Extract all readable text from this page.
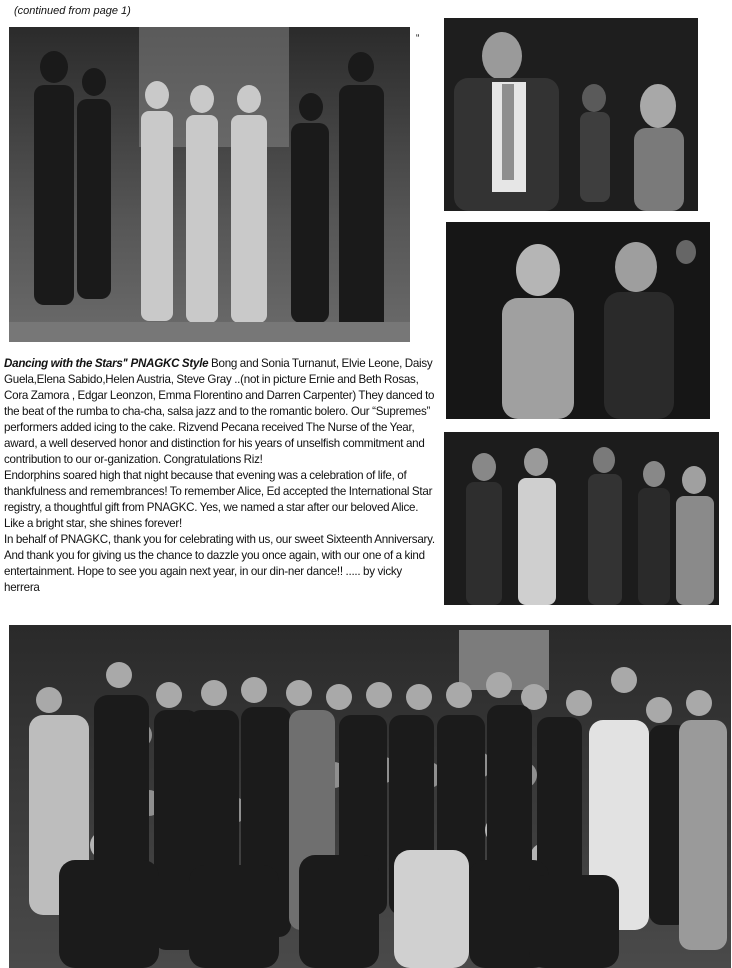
(continued from page 1)
“

Dancing with the Starsʺ PNAGKC Style Bong and Sonia Turnanut, Elvie Leone, Daisy Guela,Elena Sabido,Helen Austria, Steve Gray ..(not in picture Ernie and Beth Rosas, Cora Zamora , Edgar Leonzon, Emma Florentino and Darren Carpenter) They danced to the beat of the rumba to cha-cha, salsa jazz and to the romantic bolero. Our “Supremes” performers added icing to the cake. Rizvend Pecana received The Nurse of the Year, award, a well deserved honor and distinction for his years of unselfish commitment and contribution to our or-ganization. Congratulations Riz!

Endorphins soared high that night because that evening was a celebration of life, of thankfulness and remembrances! To remember Alice, Ed accepted the International Star registry, a thoughtful gift from PNAGKC. Yes, we named a star after our beloved Alice. Like a bright star, she shines forever!

In behalf of PNAGKC, thank you for celebrating with us, our sweet Sixteenth Anniversary. And thank you for giving us the chance to dazzle you once again, with our one of a kind entertainment. Hope to see you again next year, in our din-ner dance!! ..... by vicky herrera
